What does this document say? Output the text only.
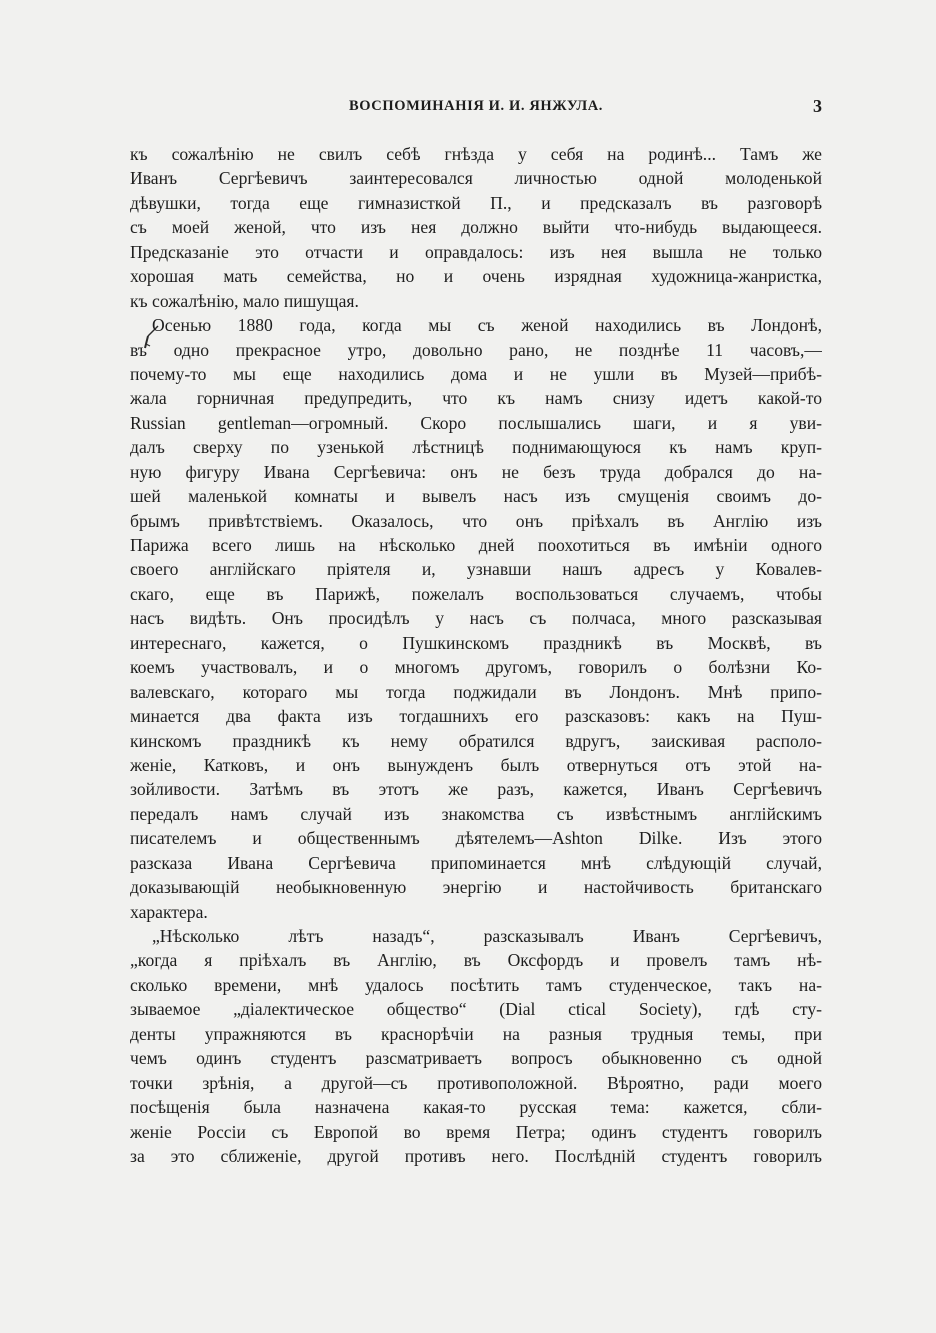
ВОСПОМИНАНІЯ И. И. ЯНЖУЛА.	3
къ сожалѣнію не свилъ себѣ гнѣзда у себя на родинѣ... Тамъ же
Иванъ Сергѣевичъ заинтересовался личностью одной молоденькой
дѣвушки, тогда еще гимназисткой П., и предсказалъ въ разговорѣ
съ моей женой, что изъ нея должно выйти что-нибудь выдающееся.
Предсказаніе это отчасти и оправдалось: изъ нея вышла не только
хорошая мать семейства, но и очень изрядная художница-жанристка,
къ сожалѣнію, мало пишущая.
Осенью 1880 года, когда мы съ женой находились въ Лондонѣ,
въ одно прекрасное утро, довольно рано, не позднѣе 11 часовъ,—
почему-то мы еще находились дома и не ушли въ Музей—прибѣ-
жала горничная предупредить, что къ намъ снизу идетъ какой-то
Russian gentleman—огромный. Скоро послышались шаги, и я уви-
далъ сверху по узенькой лѣстницѣ поднимающуюся къ намъ круп-
ную фигуру Ивана Сергѣевича: онъ не безъ труда добрался до на-
шей маленькой комнаты и вывелъ насъ изъ смущенія своимъ до-
брымъ привѣтствіемъ. Оказалось, что онъ пріѣхалъ въ Англію изъ
Парижа всего лишь на нѣсколько дней поохотиться въ имѣніи одного
своего англійскаго пріятеля и, узнавши нашъ адресъ у Ковалев-
скаго, еще въ Парижѣ, пожелалъ воспользоваться случаемъ, чтобы
насъ видѣть. Онъ просидѣлъ у насъ съ полчаса, много разсказывая
интереснаго, кажется, о Пушкинскомъ праздникѣ въ Москвѣ, въ
коемъ участвовалъ, и о многомъ другомъ, говорилъ о болѣзни Ко-
валевскаго, котораго мы тогда поджидали въ Лондонъ. Мнѣ припо-
минается два факта изъ тогдашнихъ его разсказовъ: какъ на Пуш-
кинскомъ праздникѣ къ нему обратился вдругъ, заискивая располо-
женіе, Катковъ, и онъ вынужденъ былъ отвернуться отъ этой на-
зойливости. Затѣмъ въ этотъ же разъ, кажется, Иванъ Сергѣевичъ
передалъ намъ случай изъ знакомства съ извѣстнымъ англійскимъ
писателемъ и общественнымъ дѣятелемъ—Ashton Dilke. Изъ этого
разсказа Ивана Сергѣевича припоминается мнѣ слѣдующій случай,
доказывающій необыкновенную энергію и настойчивость британскаго
характера.
„Нѣсколько лѣтъ назадъ“, разсказывалъ Иванъ Сергѣевичъ,
„когда я пріѣхалъ въ Англію, въ Оксфордъ и провелъ тамъ нѣ-
сколько времени, мнѣ удалось посѣтить тамъ студенческое, такъ на-
зываемое „діалектическое общество“ (Dial ctical Society), гдѣ сту-
денты упражняются въ краснорѣчіи на разныя трудныя темы, при
чемъ одинъ студентъ разсматриваетъ вопросъ обыкновенно съ одной
точки зрѣнія, а другой—съ противоположной. Вѣроятно, ради моего
посѣщенія была назначена какая-то русская тема: кажется, сбли-
женіе Россіи съ Европой во время Петра; одинъ студентъ говорилъ
за это сближеніе, другой противъ него. Послѣдній студентъ говорилъ
